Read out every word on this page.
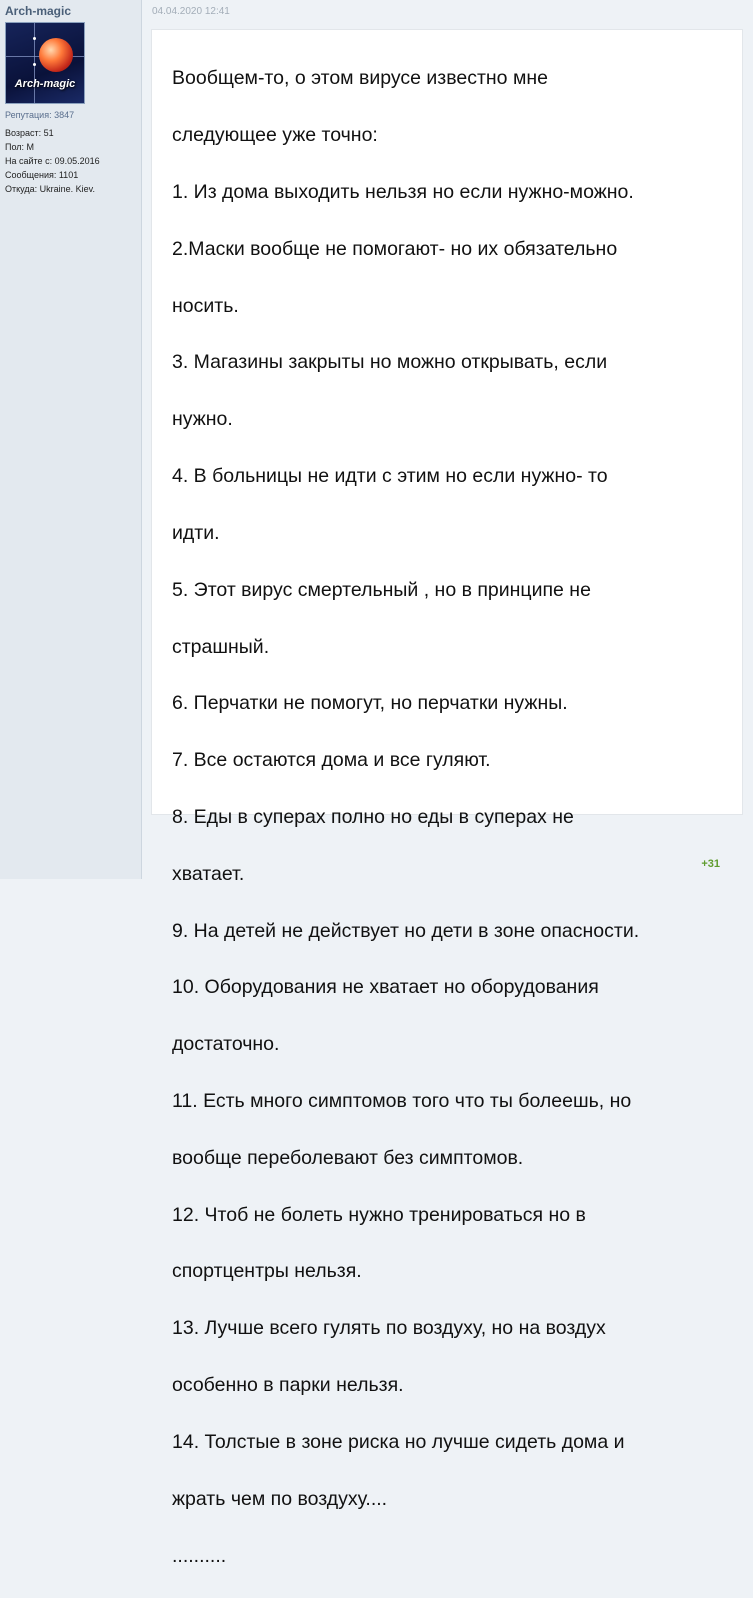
Arch-magic
Arch-magic
Репутация: 3847
Возраст: 51
Пол: М
На сайте с: 09.05.2016
Сообщения: 1101
Откуда: Ukraine. Kiev.
04.04.2020 12:41

Вообщем-то, о этом вирусе известно мне

следующее уже точно:

1. Из дома выходить нельзя но если нужно-можно.

2.Маски вообще не помогают- но их обязательно

носить.

3. Магазины закрыты но можно открывать, если

нужно.

4. В больницы не идти с этим но если нужно- то

идти.

5. Этот вирус смертельный , но в принципе не

страшный.

6. Перчатки не помогут, но перчатки нужны.

7. Все остаются дома и все гуляют.

8. Еды в суперах полно но еды в суперах не

хватает.

9. На детей не действует но дети в зоне опасности.

10. Оборудования не хватает но оборудования

достаточно.

11. Есть много симптомов того что ты болеешь, но

вообще переболевают без симптомов.

12. Чтоб не болеть нужно тренироваться но в

спортцентры нельзя.

13. Лучше всего гулять по воздуху, но на воздух

особенно в парки нельзя.

14. Толстые в зоне риска но лучше сидеть дома и

жрать чем по воздуху....

..........

+31
